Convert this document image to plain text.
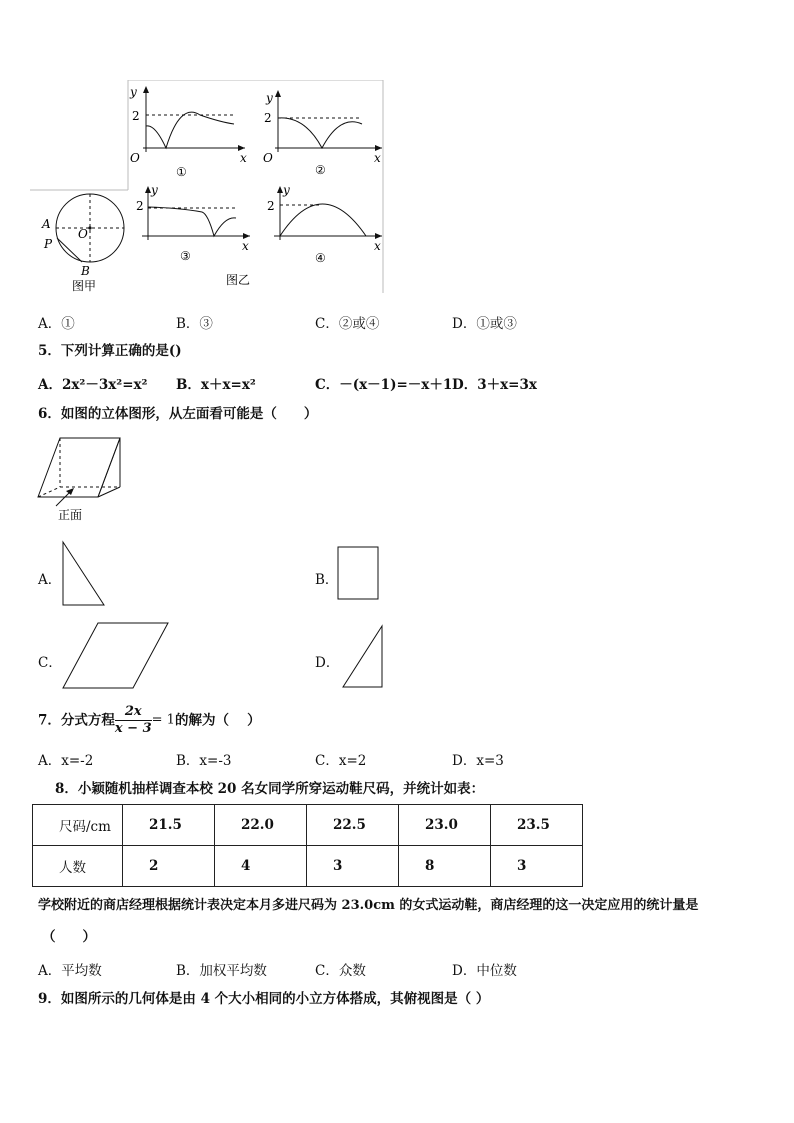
2
y
x
O
①
2
y
x
O
②
A
P
O
B
图甲
2
y
x
③
2
y
x
④
图乙
A．①	B．③	C．②或④	D．①或③
5．下列计算正确的是()
A．2x²－3x²=x² B．x＋x=x²	C．－(x－1)=－x＋1 D．3＋x=3x
6．如图的立体图形，从左面看可能是（　　）
正面
A．	B．
C．	D．
7．分式方程 $\frac{2x}{x - 3} = 1$的解为（　 ）
A．x=-2	B．x=-3	C．x=2	D．x=3
8．小颖随机抽样调查本校 20 名女同学所穿运动鞋尺码，并统计如表：
尺码/cm	21.5	22.0	22.5	23.0	23.5
人数	2	4	3	8	3
学校附近的商店经理根据统计表决定本月多进尺码为 23.0cm 的女式运动鞋，商店经理的这一决定应用的统计量是
（　　）
A．平均数	B．加权平均数	C．众数	D．中位数
9．如图所示的几何体是由 4 个大小相同的小立方体搭成，其俯视图是（ ）
